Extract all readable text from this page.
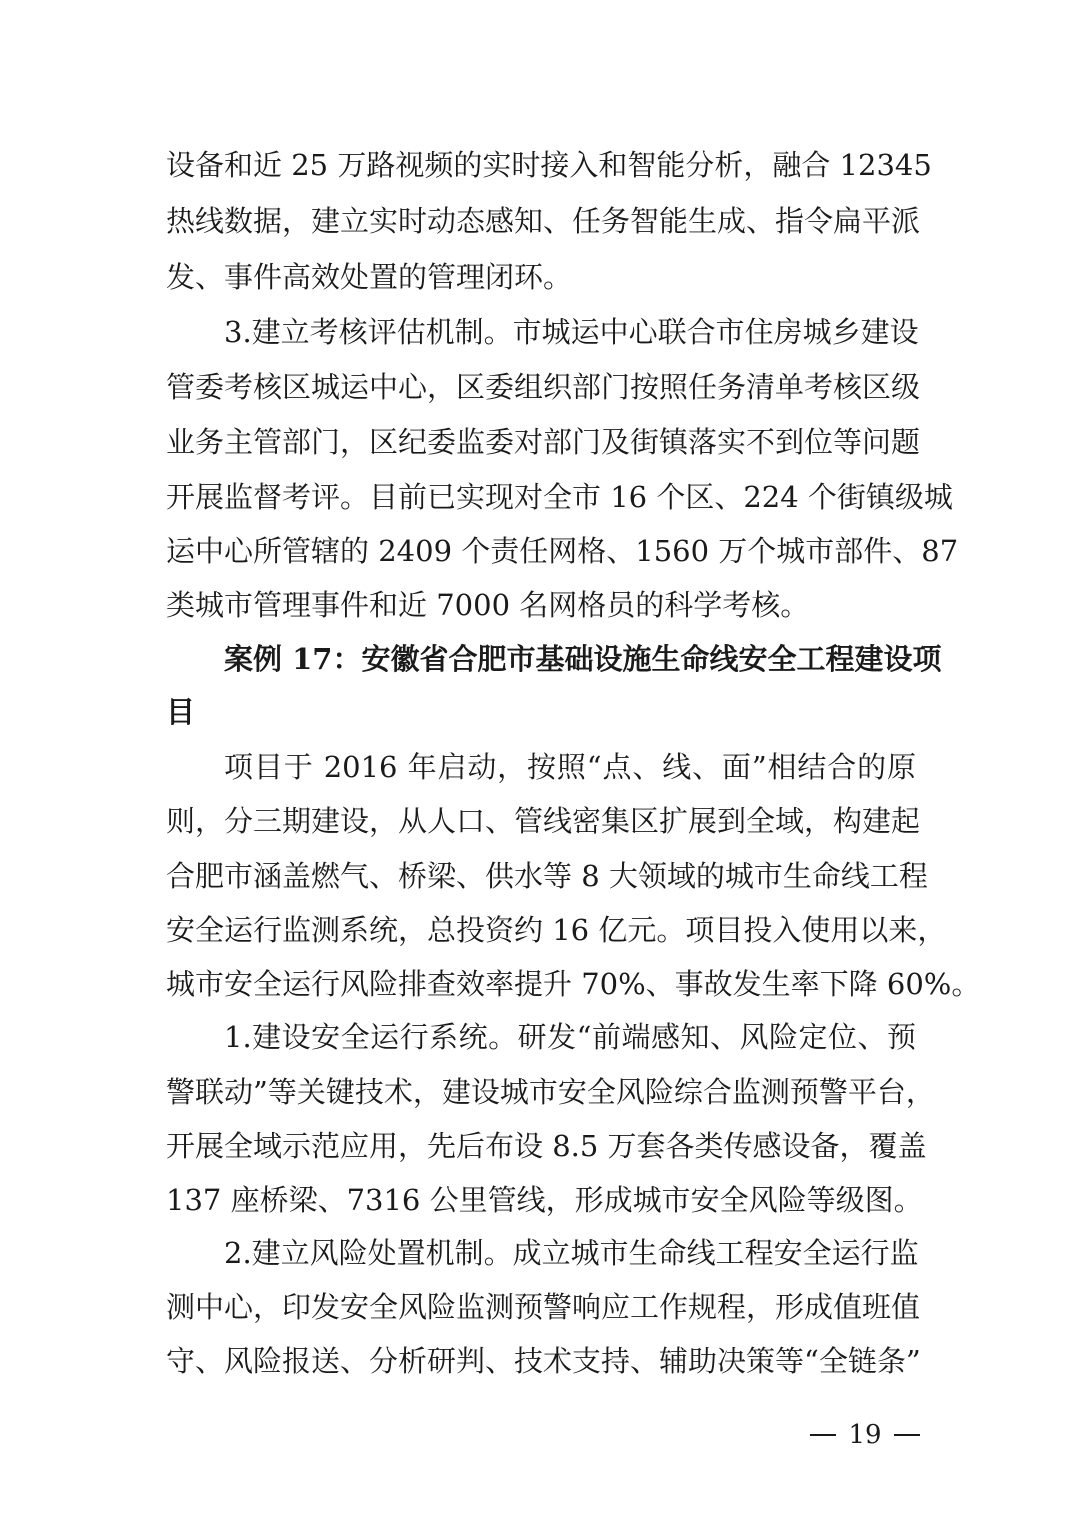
设备和近 25 万路视频的实时接入和智能分析，融合 12345
热线数据，建立实时动态感知、任务智能生成、指令扁平派
发、事件高效处置的管理闭环。
3.建立考核评估机制。市城运中心联合市住房城乡建设
管委考核区城运中心，区委组织部门按照任务清单考核区级
业务主管部门，区纪委监委对部门及街镇落实不到位等问题
开展监督考评。目前已实现对全市 16 个区、224 个街镇级城
运中心所管辖的 2409 个责任网格、1560 万个城市部件、87
类城市管理事件和近 7000 名网格员的科学考核。
案例 17：安徽省合肥市基础设施生命线安全工程建设项
目
项目于 2016 年启动，按照“点、线、面”相结合的原
则，分三期建设，从人口、管线密集区扩展到全域，构建起
合肥市涵盖燃气、桥梁、供水等 8 大领域的城市生命线工程
安全运行监测系统，总投资约 16 亿元。项目投入使用以来，
城市安全运行风险排查效率提升 70%、事故发生率下降 60%。
1.建设安全运行系统。研发“前端感知、风险定位、预
警联动”等关键技术，建设城市安全风险综合监测预警平台，
开展全域示范应用，先后布设 8.5 万套各类传感设备，覆盖
137 座桥梁、7316 公里管线，形成城市安全风险等级图。
2.建立风险处置机制。成立城市生命线工程安全运行监
测中心，印发安全风险监测预警响应工作规程，形成值班值
守、风险报送、分析研判、技术支持、辅助决策等“全链条”
19
